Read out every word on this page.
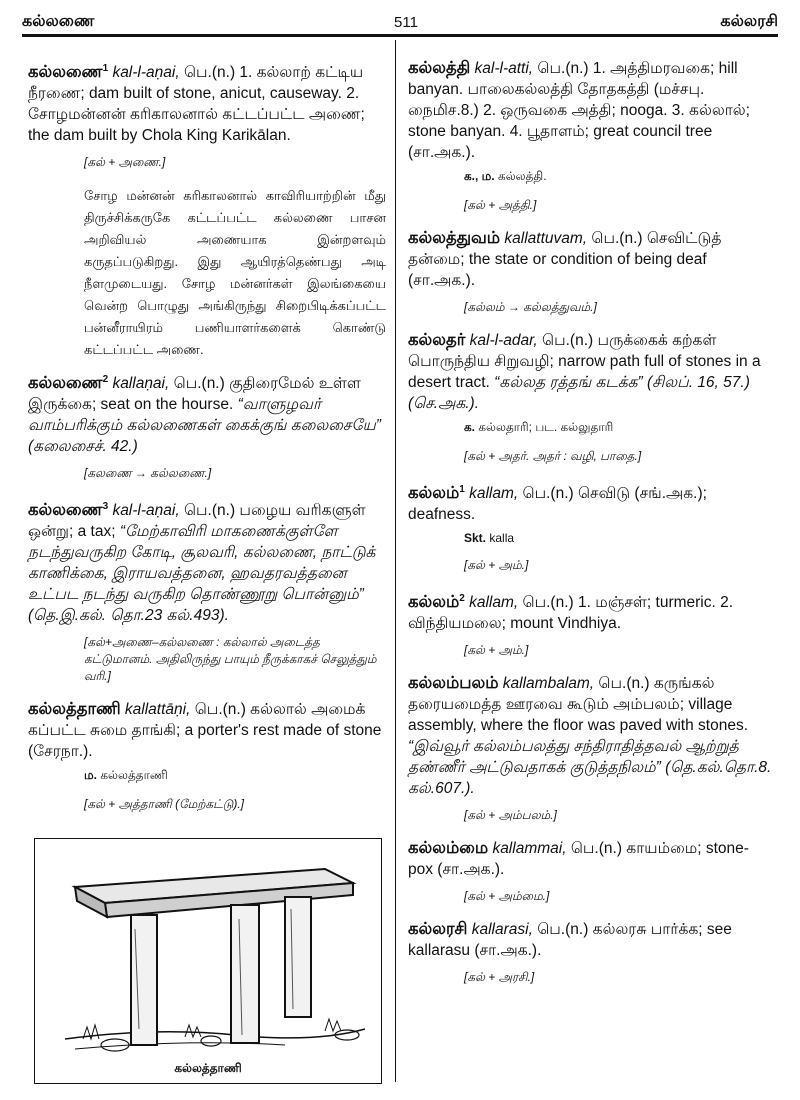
கல்லணை	511	கல்லரசி
கல்லணை$^1$ kal-l-aṇai, பெ.(n.) 1. கல்லாற் கட்டிய நீரணை; dam built of stone, anicut, causeway. 2. சோழமன்னன் கரிகாலனால் கட்டப்பட்ட அணை; the dam built by Chola King Karikālan.
[கல் + அணை.]
சோழ மன்னன் கரிகாலனால் காவிரியாற்றின் மீது திருச்சிக்கருகே கட்டப்பட்ட கல்லணை பாசன அறிவியல் அணையாக இன்றளவும் கருதப்படுகிறது. இது ஆயிரத்தெண்பது அடி நீளமுடையது. சோழ மன்னர்கள் இலங்கையை வென்ற பொழுது அங்கிருந்து சிறைபிடிக்கப்பட்ட பன்னீராயிரம் பணியாளர்களைக் கொண்டு கட்டப்பட்ட அணை.
கல்லணை$^2$ kallaṇai, பெ.(n.) குதிரைமேல் உள்ள இருக்கை; seat on the hourse. “வாளுழவர் வாம்பரிக்கும் கல்லணைகள் கைக்குங் கலைசையே” (கலைசைச். 42.)
[கலணை → கல்லணை.]
கல்லணை$^3$ kal-l-aṇai, பெ.(n.) பழைய வரிகளுள் ஒன்று; a tax; “மேற்காவிரி மாகணைக்குள்ளே நடந்துவருகிற கோடி, சூலவரி, கல்லணை, நாட்டுக் காணிக்கை, இராயவத்தனை, ஹவதரவத்தனை உட்பட நடந்து வருகிற தொண்ணூறு பொன்னும்” (தெ.இ.கல். தொ.23 கல்.493).
[கல்+அணை–கல்லணை : கல்லால் அடைத்த கட்டுமானம். அதிலிருந்து பாயும் நீருக்காகச் செலுத்தும் வரி.]
கல்லத்தாணி kallattāṇi, பெ.(n.) கல்லால் அமைக் கப்பட்ட சுமை தாங்கி; a porter's rest made of stone (சேரநா.).
ம. கல்லத்தாணி
[கல் + அத்தாணி (மேற்கட்டு).]
கல்லத்தாணி
கல்லத்தி kal-l-atti, பெ.(n.) 1. அத்திமரவகை; hill banyan. பாலைகல்லத்தி தோதகத்தி (மச்சபு. நைமிச.8.) 2. ஒருவகை அத்தி; nooga. 3. கல்லால்; stone banyan. 4. பூதாளம்; great council tree (சா.அக.).
க., ம. கல்லத்தி.
[கல் + அத்தி.]
கல்லத்துவம் kallattuvam, பெ.(n.) செவிட்டுத் தன்மை; the state or condition of being deaf (சா.அக.).
[கல்லம் → கல்லத்துவம்.]
கல்லதர் kal-l-adar, பெ.(n.) பருக்கைக் கற்கள் பொருந்திய சிறுவழி; narrow path full of stones in a desert tract. “கல்லத ரத்தங் கடக்க” (சிலப். 16, 57.) (செ.அக.).
க. கல்லதாரி; பட. கல்லுதாரி
[கல் + அதர். அதர் : வழி, பாதை.]
கல்லம்$^1$ kallam, பெ.(n.) செவிடு (சங்.அக.); deafness.
Skt. kalla
[கல் + அம்.]
கல்லம்$^2$ kallam, பெ.(n.) 1. மஞ்சள்; turmeric. 2. விந்தியமலை; mount Vindhiya.
[கல் + அம்.]
கல்லம்பலம் kallambalam, பெ.(n.) கருங்கல் தரையமைத்த ஊரவை கூடும் அம்பலம்; village assembly, where the floor was paved with stones. “இவ்வூர் கல்லம்பலத்து சந்திராதித்தவல் ஆற்றுத் தண்ணீர் அட்டுவதாகக் குடுத்தநிலம்” (தெ.கல்.தொ.8. கல்.607.).
[கல் + அம்பலம்.]
கல்லம்மை kallammai, பெ.(n.) காயம்மை; stone-pox (சா.அக.).
[கல் + அம்மை.]
கல்லரசி kallarasi, பெ.(n.) கல்லரசு பார்க்க; see kallarasu (சா.அக.).
[கல் + அரசி.]
